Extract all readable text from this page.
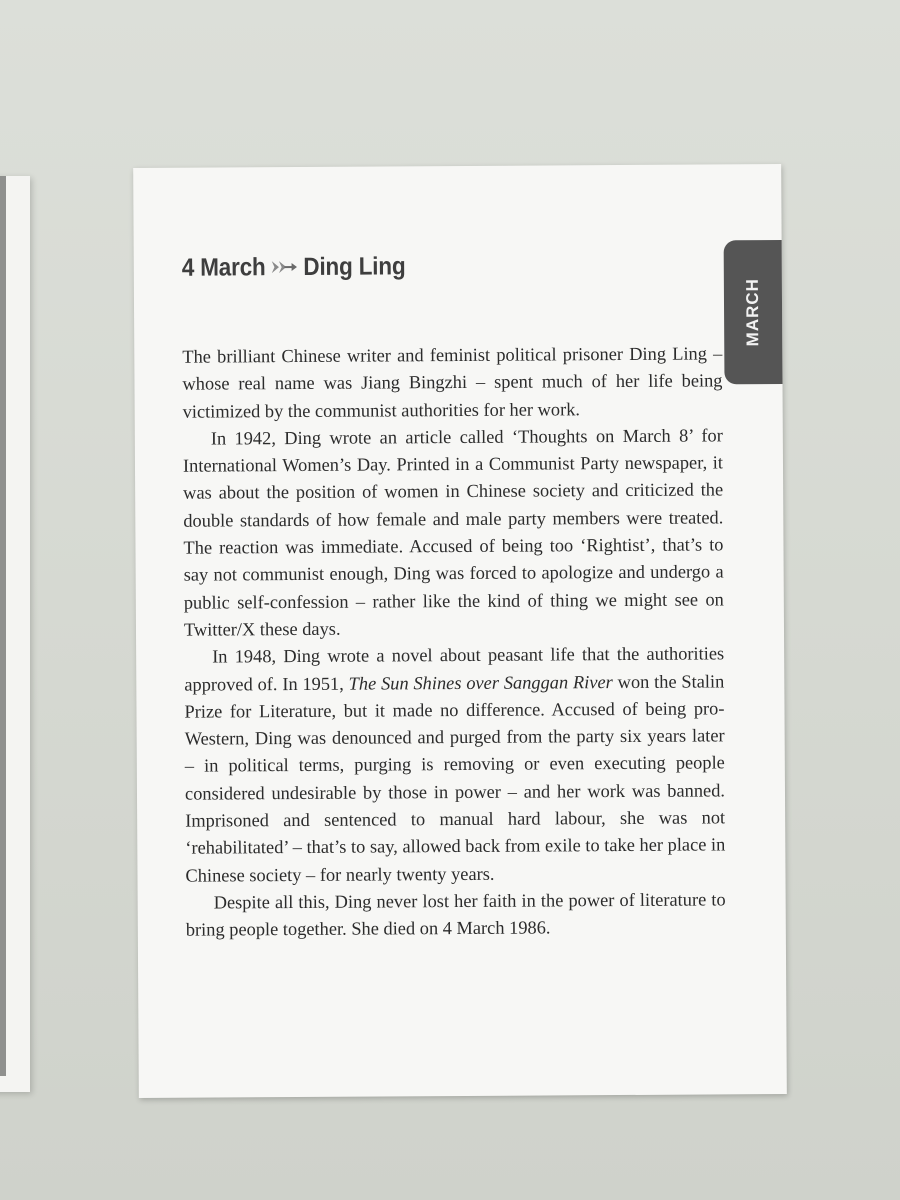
4 March Ding Ling
MARCH

The brilliant Chinese writer and feminist political prisoner Ding Ling – whose real name was Jiang Bingzhi – spent much of her life being victimized by the communist authorities for her work.

In 1942, Ding wrote an article called ‘Thoughts on March 8’ for International Women’s Day. Printed in a Communist Party newspaper, it was about the position of women in Chinese society and criticized the double standards of how female and male party members were treated. The reaction was immediate. Accused of being too ‘Rightist’, that’s to say not communist enough, Ding was forced to apologize and undergo a public self-confession – rather like the kind of thing we might see on Twitter/X these days.

In 1948, Ding wrote a novel about peasant life that the authorities approved of. In 1951, The Sun Shines over Sanggan River won the Stalin Prize for Literature, but it made no difference. Accused of being pro-Western, Ding was denounced and purged from the party six years later – in political terms, purging is removing or even executing people considered undesirable by those in power – and her work was banned. Imprisoned and sentenced to manual hard labour, she was not ‘rehabilitated’ – that’s to say, allowed back from exile to take her place in Chinese society – for nearly twenty years.

Despite all this, Ding never lost her faith in the power of literature to bring people together. She died on 4 March 1986.
